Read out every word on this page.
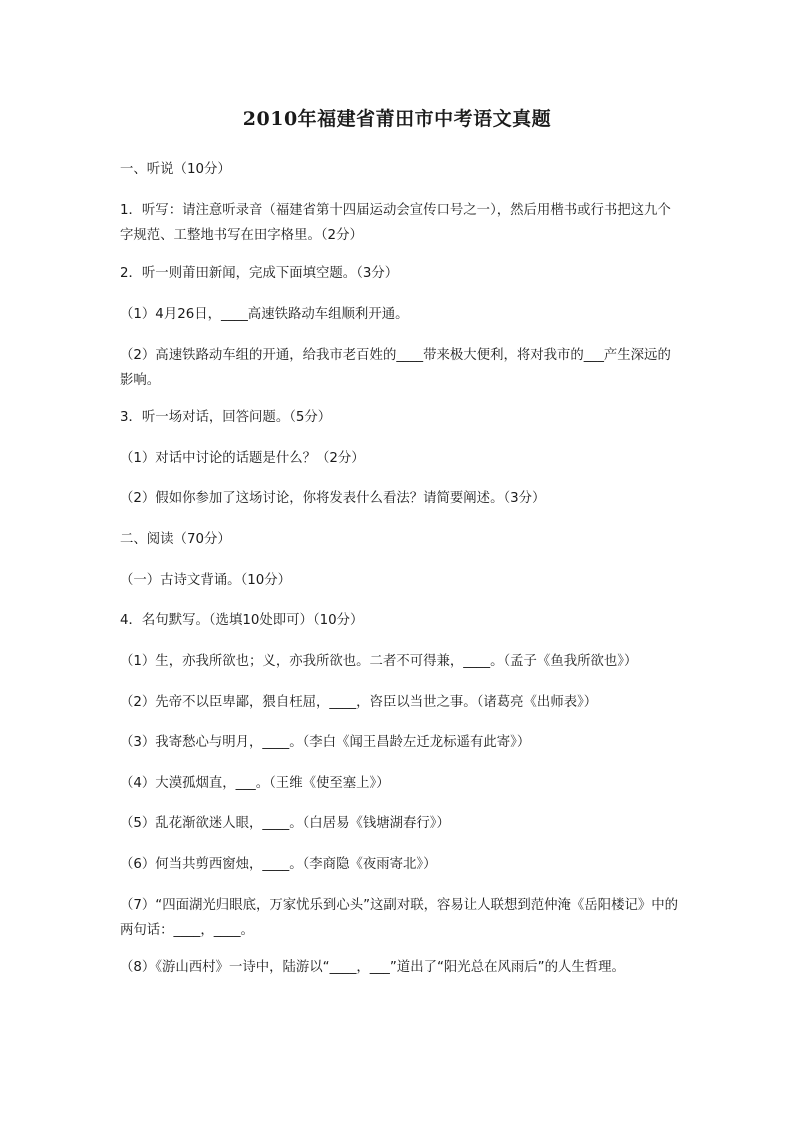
2010年福建省莆田市中考语文真题
一、听说（10分）
1．听写：请注意听录音（福建省第十四届运动会宣传口号之一），然后用楷书或行书把这九个字规范、工整地书写在田字格里。（2分）
2．听一则莆田新闻，完成下面填空题。（3分）
（1）4月26日，____高速铁路动车组顺利开通。
（2）高速铁路动车组的开通，给我市老百姓的____带来极大便利，将对我市的___产生深远的影响。
3．听一场对话，回答问题。（5分）
（1）对话中讨论的话题是什么？（2分）
（2）假如你参加了这场讨论，你将发表什么看法？请简要阐述。（3分）
二、阅读（70分）
（一）古诗文背诵。（10分）
4．名句默写。（选填10处即可）（10分）
（1）生，亦我所欲也；义，亦我所欲也。二者不可得兼，____。（孟子《鱼我所欲也》）
（2）先帝不以臣卑鄙，猥自枉屈，____，咨臣以当世之事。（诸葛亮《出师表》）
（3）我寄愁心与明月，____。（李白《闻王昌龄左迁龙标遥有此寄》）
（4）大漠孤烟直，___。（王维《使至塞上》）
（5）乱花渐欲迷人眼，____。（白居易《钱塘湖春行》）
（6）何当共剪西窗烛，____。（李商隐《夜雨寄北》）
（7）“四面湖光归眼底，万家忧乐到心头”这副对联，容易让人联想到范仲淹《岳阳楼记》中的两句话：____，____。
（8）《游山西村》一诗中，陆游以“____，___”道出了“阳光总在风雨后”的人生哲理。
